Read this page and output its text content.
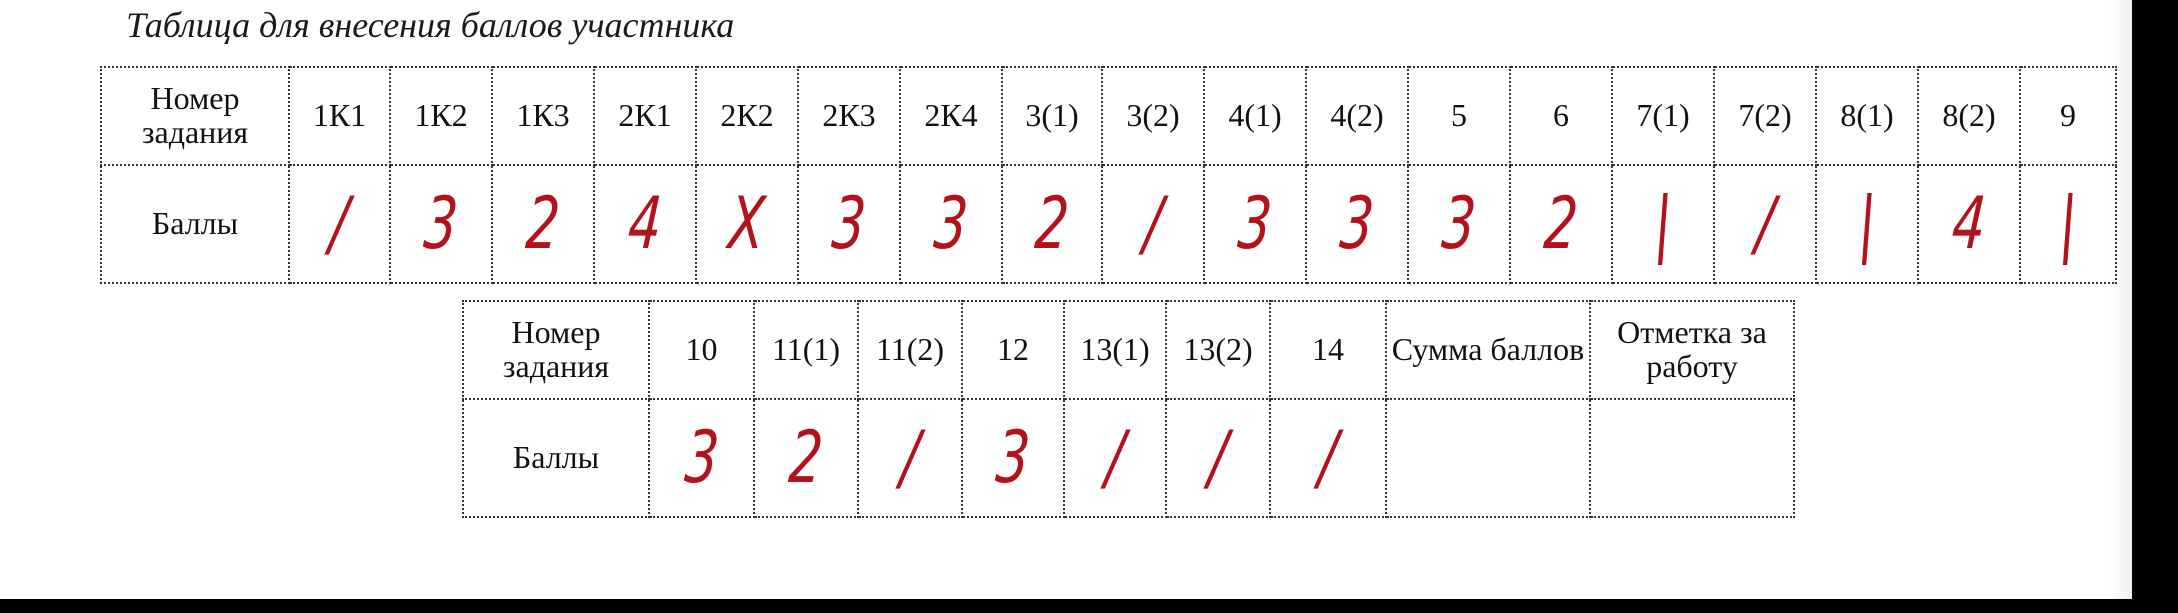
Таблица для внесения баллов участника
Номер задания	1К1	1К2	1К3	2К1	2К2	2К3	2К4	3(1)	3(2)	4(1)	4(2)	5	6	7(1)	7(2)	8(1)	8(2)	9
Баллы	/	3	2	4	X	3	3	2	/	3	3	3	2	|	/	|	4	|
Номер задания	10	11(1)	11(2)	12	13(1)	13(2)	14	Сумма баллов	Отметка за работу
Баллы	3	2	/	3	/	/	/		
